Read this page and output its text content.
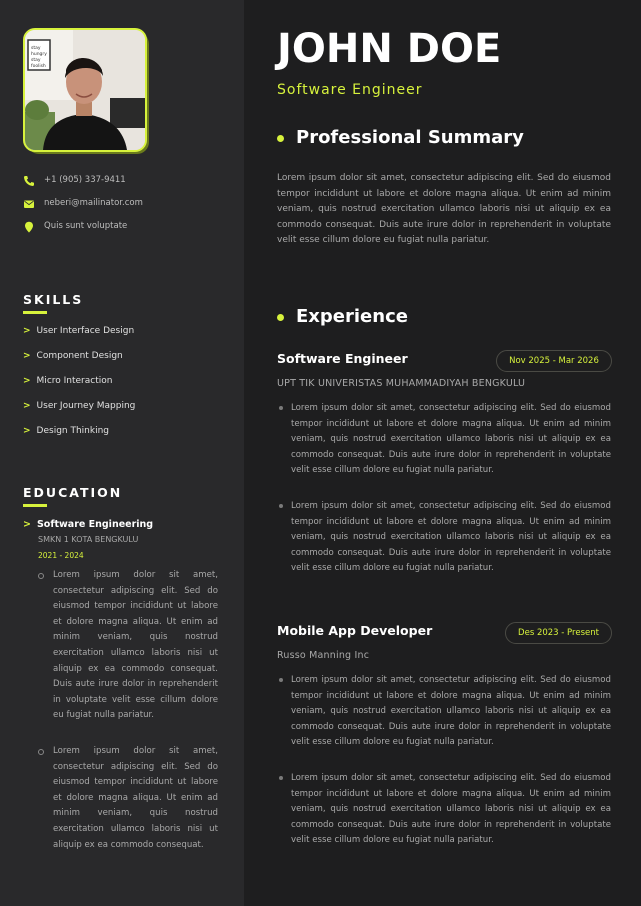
stay
hungry
stay
foolish
+1 (905) 337-9411
neberi@mailinator.com
Quis sunt voluptate
SKILLS
> User Interface Design
> Component Design
> Micro Interaction
> User Journey Mapping
> Design Thinking
EDUCATION
> Software Engineering
SMKN 1 KOTA BENGKULU
2021 - 2024
Lorem ipsum dolor sit amet, consectetur adipiscing elit. Sed do eiusmod tempor incididunt ut labore et dolore magna aliqua. Ut enim ad minim veniam, quis nostrud exercitation ullamco laboris nisi ut aliquip ex ea commodo consequat. Duis aute irure dolor in reprehenderit in voluptate velit esse cillum dolore eu fugiat nulla pariatur.
Lorem ipsum dolor sit amet, consectetur adipiscing elit. Sed do eiusmod tempor incididunt ut labore et dolore magna aliqua. Ut enim ad minim veniam, quis nostrud exercitation ullamco laboris nisi ut aliquip ex ea commodo consequat.
JOHN DOE
Software Engineer
Professional Summary
Lorem ipsum dolor sit amet, consectetur adipiscing elit. Sed do eiusmod tempor incididunt ut labore et dolore magna aliqua. Ut enim ad minim veniam, quis nostrud exercitation ullamco laboris nisi ut aliquip ex ea commodo consequat. Duis aute irure dolor in reprehenderit in voluptate velit esse cillum dolore eu fugiat nulla pariatur.
Experience
Software Engineer	Nov 2025 - Mar 2026
UPT TIK UNIVERISTAS MUHAMMADIYAH BENGKULU
Lorem ipsum dolor sit amet, consectetur adipiscing elit. Sed do eiusmod tempor incididunt ut labore et dolore magna aliqua. Ut enim ad minim veniam, quis nostrud exercitation ullamco laboris nisi ut aliquip ex ea commodo consequat. Duis aute irure dolor in reprehenderit in voluptate velit esse cillum dolore eu fugiat nulla pariatur.
Lorem ipsum dolor sit amet, consectetur adipiscing elit. Sed do eiusmod tempor incididunt ut labore et dolore magna aliqua. Ut enim ad minim veniam, quis nostrud exercitation ullamco laboris nisi ut aliquip ex ea commodo consequat. Duis aute irure dolor in reprehenderit in voluptate velit esse cillum dolore eu fugiat nulla pariatur.
Mobile App Developer	Des 2023 - Present
Russo Manning Inc
Lorem ipsum dolor sit amet, consectetur adipiscing elit. Sed do eiusmod tempor incididunt ut labore et dolore magna aliqua. Ut enim ad minim veniam, quis nostrud exercitation ullamco laboris nisi ut aliquip ex ea commodo consequat. Duis aute irure dolor in reprehenderit in voluptate velit esse cillum dolore eu fugiat nulla pariatur.
Lorem ipsum dolor sit amet, consectetur adipiscing elit. Sed do eiusmod tempor incididunt ut labore et dolore magna aliqua. Ut enim ad minim veniam, quis nostrud exercitation ullamco laboris nisi ut aliquip ex ea commodo consequat. Duis aute irure dolor in reprehenderit in voluptate velit esse cillum dolore eu fugiat nulla pariatur.
